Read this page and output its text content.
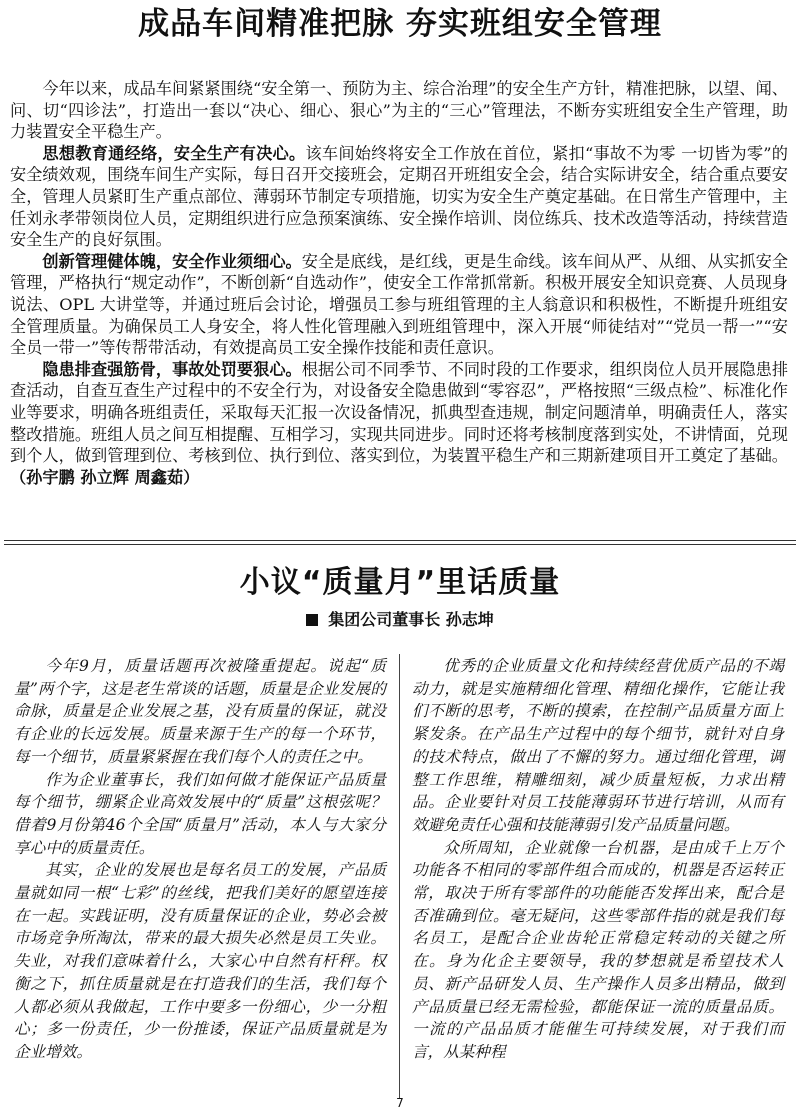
成品车间精准把脉 夯实班组安全管理

今年以来，成品车间紧紧围绕“安全第一、预防为主、综合治理”的安全生产方针，精准把脉，以望、闻、问、切“四诊法”，打造出一套以“决心、细心、狠心”为主的“三心”管理法，不断夯实班组安全生产管理，助力装置安全平稳生产。

思想教育通经络，安全生产有决心。该车间始终将安全工作放在首位，紧扣“事故不为零 一切皆为零”的安全绩效观，围绕车间生产实际，每日召开交接班会，定期召开班组安全会，结合实际讲安全，结合重点要安全，管理人员紧盯生产重点部位、薄弱环节制定专项措施，切实为安全生产奠定基础。在日常生产管理中，主任刘永孝带领岗位人员，定期组织进行应急预案演练、安全操作培训、岗位练兵、技术改造等活动，持续营造安全生产的良好氛围。

创新管理健体魄，安全作业须细心。安全是底线，是红线，更是生命线。该车间从严、从细、从实抓安全管理，严格执行“规定动作”，不断创新“自选动作”，使安全工作常抓常新。积极开展安全知识竞赛、人员现身说法、OPL 大讲堂等，并通过班后会讨论，增强员工参与班组管理的主人翁意识和积极性，不断提升班组安全管理质量。为确保员工人身安全，将人性化管理融入到班组管理中，深入开展“师徒结对”“党员一帮一”“安全员一带一”等传帮带活动，有效提高员工安全操作技能和责任意识。

隐患排查强筋骨，事故处罚要狠心。根据公司不同季节、不同时段的工作要求，组织岗位人员开展隐患排查活动，自查互查生产过程中的不安全行为，对设备安全隐患做到“零容忍”，严格按照“三级点检”、标准化作业等要求，明确各班组责任，采取每天汇报一次设备情况，抓典型查违规，制定问题清单，明确责任人，落实整改措施。班组人员之间互相提醒、互相学习，实现共同进步。同时还将考核制度落到实处，不讲情面，兑现到个人，做到管理到位、考核到位、执行到位、落实到位，为装置平稳生产和三期新建项目开工奠定了基础。（孙宇鹏 孙立辉 周鑫茹）

小议“质量月”里话质量
集团公司董事长 孙志坤

今年9月，质量话题再次被隆重提起。说起“质量”两个字，这是老生常谈的话题，质量是企业发展的命脉，质量是企业发展之基，没有质量的保证，就没有企业的长远发展。质量来源于生产的每一个环节，每一个细节，质量紧紧握在我们每个人的责任之中。

作为企业董事长，我们如何做才能保证产品质量每个细节，绷紧企业高效发展中的“质量”这根弦呢？借着9月份第46个全国“质量月”活动，本人与大家分享心中的质量责任。

其实，企业的发展也是每名员工的发展，产品质量就如同一根“七彩”的丝线，把我们美好的愿望连接在一起。实践证明，没有质量保证的企业，势必会被市场竞争所淘汰，带来的最大损失必然是员工失业。失业，对我们意味着什么，大家心中自然有杆秤。权衡之下，抓住质量就是在打造我们的生活，我们每个人都必须从我做起，工作中要多一份细心，少一分粗心；多一份责任，少一份推诿，保证产品质量就是为企业增效。

优秀的企业质量文化和持续经营优质产品的不竭动力，就是实施精细化管理、精细化操作，它能让我们不断的思考，不断的摸索，在控制产品质量方面上紧发条。在产品生产过程中的每个细节，就针对自身的技术特点，做出了不懈的努力。通过细化管理，调整工作思维，精雕细刻，减少质量短板，力求出精品。企业要针对员工技能薄弱环节进行培训，从而有效避免责任心强和技能薄弱引发产品质量问题。

众所周知，企业就像一台机器，是由成千上万个功能各不相同的零部件组合而成的，机器是否运转正常，取决于所有零部件的功能能否发挥出来，配合是否准确到位。毫无疑问，这些零部件指的就是我们每名员工，是配合企业齿轮正常稳定转动的关键之所在。身为化企主要领导，我的梦想就是希望技术人员、新产品研发人员、生产操作人员多出精品，做到产品质量已经无需检验，都能保证一流的质量品质。一流的产品品质才能催生可持续发展，对于我们而言，从某种程

7
